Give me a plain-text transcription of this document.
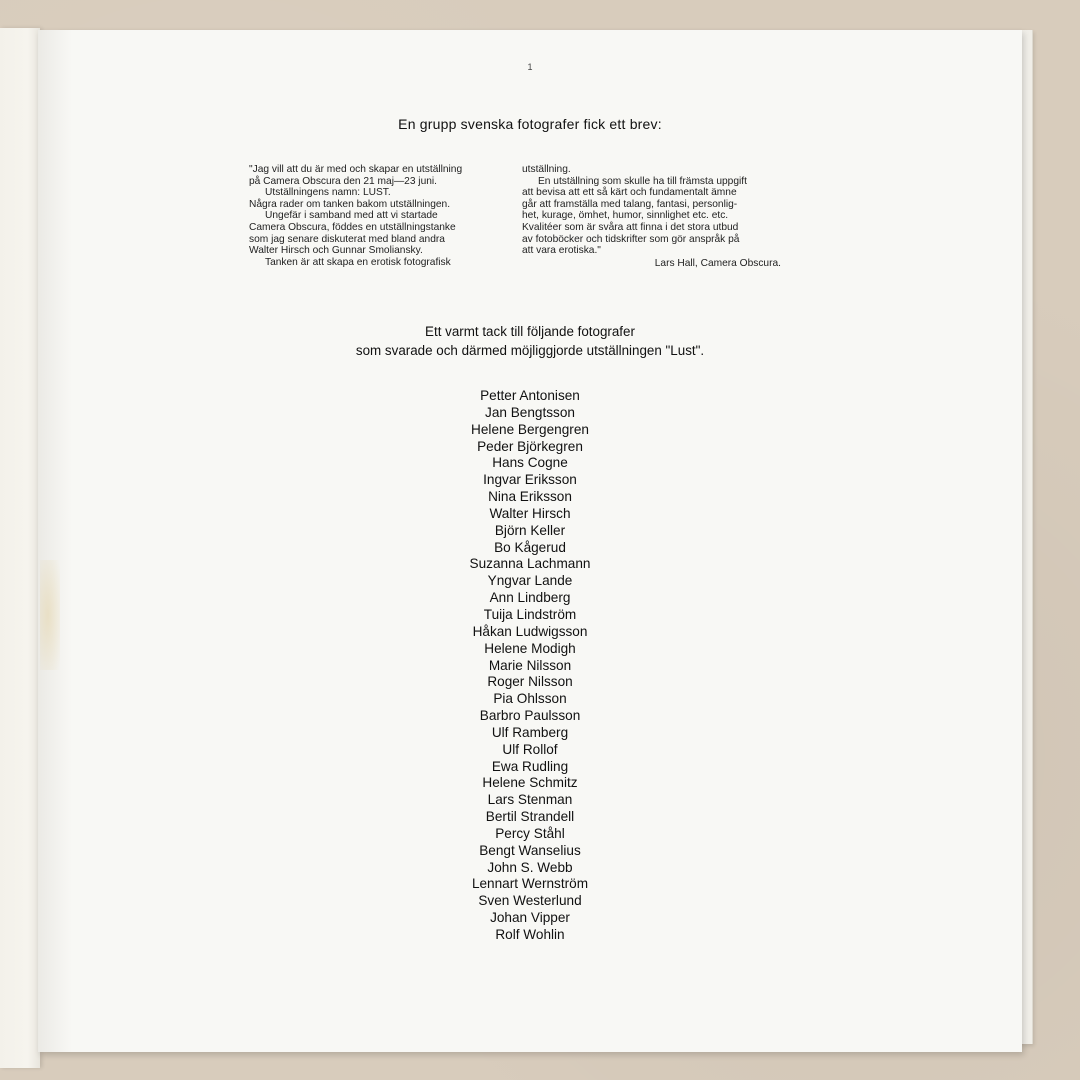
1
En grupp svenska fotografer fick ett brev:
"Jag vill att du är med och skapar en utställning
på Camera Obscura den 21 maj—23 juni.
Utställningens namn: LUST.
Några rader om tanken bakom utställningen.
Ungefär i samband med att vi startade
Camera Obscura, föddes en utställningstanke
som jag senare diskuterat med bland andra
Walter Hirsch och Gunnar Smoliansky.
Tanken är att skapa en erotisk fotografisk
utställning.
En utställning som skulle ha till främsta uppgift
att bevisa att ett så kärt och fundamentalt ämne
går att framställa med talang, fantasi, personlig-
het, kurage, ömhet, humor, sinnlighet etc. etc.
Kvalitéer som är svåra att finna i det stora utbud
av fotoböcker och tidskrifter som gör anspråk på
att vara erotiska."
Lars Hall, Camera Obscura.
Ett varmt tack till följande fotografer
som svarade och därmed möjliggjorde utställningen "Lust".
Petter Antonisen
Jan Bengtsson
Helene Bergengren
Peder Björkegren
Hans Cogne
Ingvar Eriksson
Nina Eriksson
Walter Hirsch
Björn Keller
Bo Kågerud
Suzanna Lachmann
Yngvar Lande
Ann Lindberg
Tuija Lindström
Håkan Ludwigsson
Helene Modigh
Marie Nilsson
Roger Nilsson
Pia Ohlsson
Barbro Paulsson
Ulf Ramberg
Ulf Rollof
Ewa Rudling
Helene Schmitz
Lars Stenman
Bertil Strandell
Percy Ståhl
Bengt Wanselius
John S. Webb
Lennart Wernström
Sven Westerlund
Johan Vipper
Rolf Wohlin
